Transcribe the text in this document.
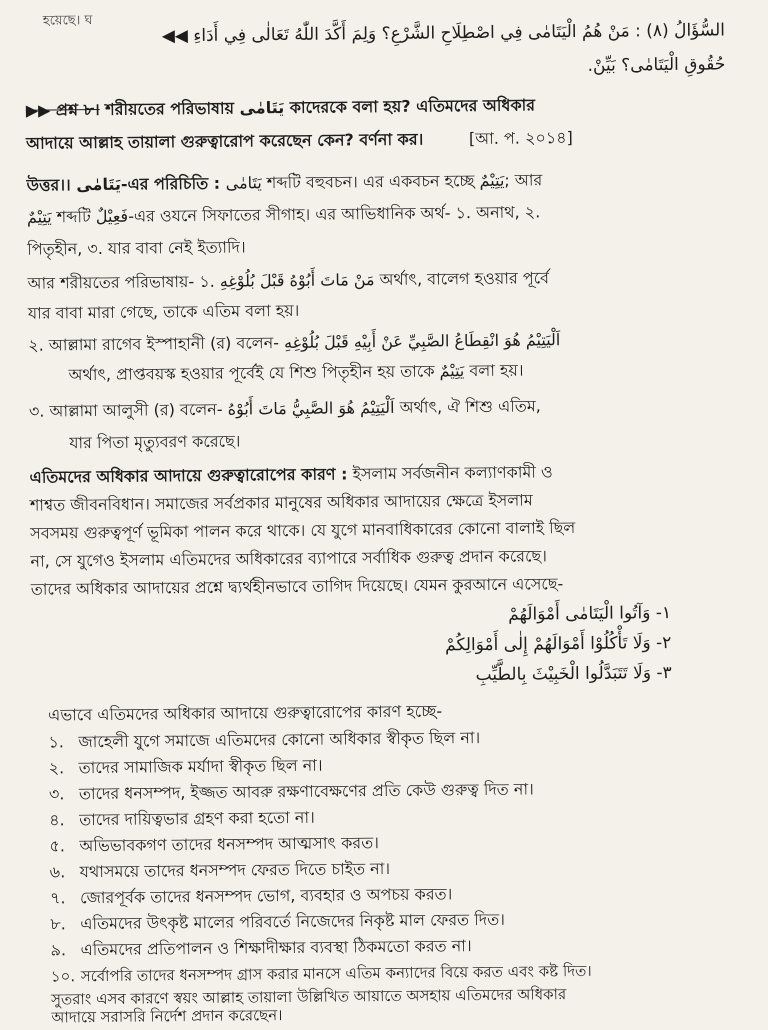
হয়েছে। ঘ
السُّؤَالُ (٨) : مَنْ هُمُ الْيَتَامٰى فِي اصْطِلَاحِ الشَّرْعِ؟ وَلِمَ أَكَّدَ اللّٰهُ تَعَالٰى فِي أَدَاءِ ◀◀
حُقُوقِ الْيَتَامٰى؟ بَيِّنْ.
▶▶ প্রশ্ন ৮। শরীয়তের পরিভাষায় يَتَامٰى কাদেরকে বলা হয়? এতিমদের অধিকার
আদায়ে আল্লাহ তায়ালা গুরুত্বারোপ করেছেন কেন? বর্ণনা কর।	[আ. প. ২০১৪]
উত্তর।। يَتَامٰى-এর পরিচিতি : يَتَامٰى শব্দটি বহুবচন। এর একবচন হচ্ছে يَتِيْمٌ; আর
يَتِيْمٌ শব্দটি فَعِيْلٌ-এর ওযনে সিফাতের সীগাহ। এর আভিধানিক অর্থ- ১. অনাথ, ২.
পিতৃহীন, ৩. যার বাবা নেই ইত্যাদি।
আর শরীয়তের পরিভাষায়- ১. مَنْ مَاتَ أَبُوْهُ قَبْلَ بُلُوْغِهِ অর্থাৎ, বালেগ হওয়ার পূর্বে
যার বাবা মারা গেছে, তাকে এতিম বলা হয়।
২. আল্লামা রাগেব ইস্পাহানী (র) বলেন- اَلْيَتِيْمُ هُوَ انْقِطَاعُ الصَّبِيِّ عَنْ أَبِيْهِ قَبْلَ بُلُوْغِهِ
অর্থাৎ, প্রাপ্তবয়স্ক হওয়ার পূর্বেই যে শিশু পিতৃহীন হয় তাকে يَتِيْمٌ বলা হয়।
৩. আল্লামা আলুসী (র) বলেন- اَلْيَتِيْمُ هُوَ الصَّبِيُّ مَاتَ أَبُوْهُ অর্থাৎ, ঐ শিশু এতিম,
যার পিতা মৃত্যুবরণ করেছে।
এতিমদের অধিকার আদায়ে গুরুত্বারোপের কারণ : ইসলাম সর্বজনীন কল্যাণকামী ও
শাশ্বত জীবনবিধান। সমাজের সর্বপ্রকার মানুষের অধিকার আদায়ের ক্ষেত্রে ইসলাম
সবসময় গুরুত্বপূর্ণ ভূমিকা পালন করে থাকে। যে যুগে মানবাধিকারের কোনো বালাই ছিল
না, সে যুগেও ইসলাম এতিমদের অধিকারের ব্যাপারে সর্বাধিক গুরুত্ব প্রদান করেছে।
তাদের অধিকার আদায়ের প্রশ্নে দ্ব্যর্থহীনভাবে তাগিদ দিয়েছে। যেমন কুরআনে এসেছে-
١- وَآتُوا الْيَتَامٰى أَمْوَالَهُمْ
٢- وَلَا تَأْكُلُوْا أَمْوَالَهُمْ إِلٰى أَمْوَالِكُمْ
٣- وَلَا تَتَبَدَّلُوا الْخَبِيْثَ بِالطَّيِّبِ
এভাবে এতিমদের অধিকার আদায়ে গুরুত্বারোপের কারণ হচ্ছে-
১. জাহেলী যুগে সমাজে এতিমদের কোনো অধিকার স্বীকৃত ছিল না।
২. তাদের সামাজিক মর্যাদা স্বীকৃত ছিল না।
৩. তাদের ধনসম্পদ, ইজ্জত আবরু রক্ষণাবেক্ষণের প্রতি কেউ গুরুত্ব দিত না।
৪. তাদের দায়িত্বভার গ্রহণ করা হতো না।
৫. অভিভাবকগণ তাদের ধনসম্পদ আত্মসাৎ করত।
৬. যথাসময়ে তাদের ধনসম্পদ ফেরত দিতে চাইত না।
৭. জোরপূর্বক তাদের ধনসম্পদ ভোগ, ব্যবহার ও অপচয় করত।
৮. এতিমদের উৎকৃষ্ট মালের পরিবর্তে নিজেদের নিকৃষ্ট মাল ফেরত দিত।
৯. এতিমদের প্রতিপালন ও শিক্ষাদীক্ষার ব্যবস্থা ঠিকমতো করত না।
১০. সর্বোপরি তাদের ধনসম্পদ গ্রাস করার মানসে এতিম কন্যাদের বিয়ে করত এবং কষ্ট দিত।
সুতরাং এসব কারণে স্বয়ং আল্লাহ তায়ালা উল্লিখিত আয়াতে অসহায় এতিমদের অধিকার
আদায়ে সরাসরি নির্দেশ প্রদান করেছেন।
